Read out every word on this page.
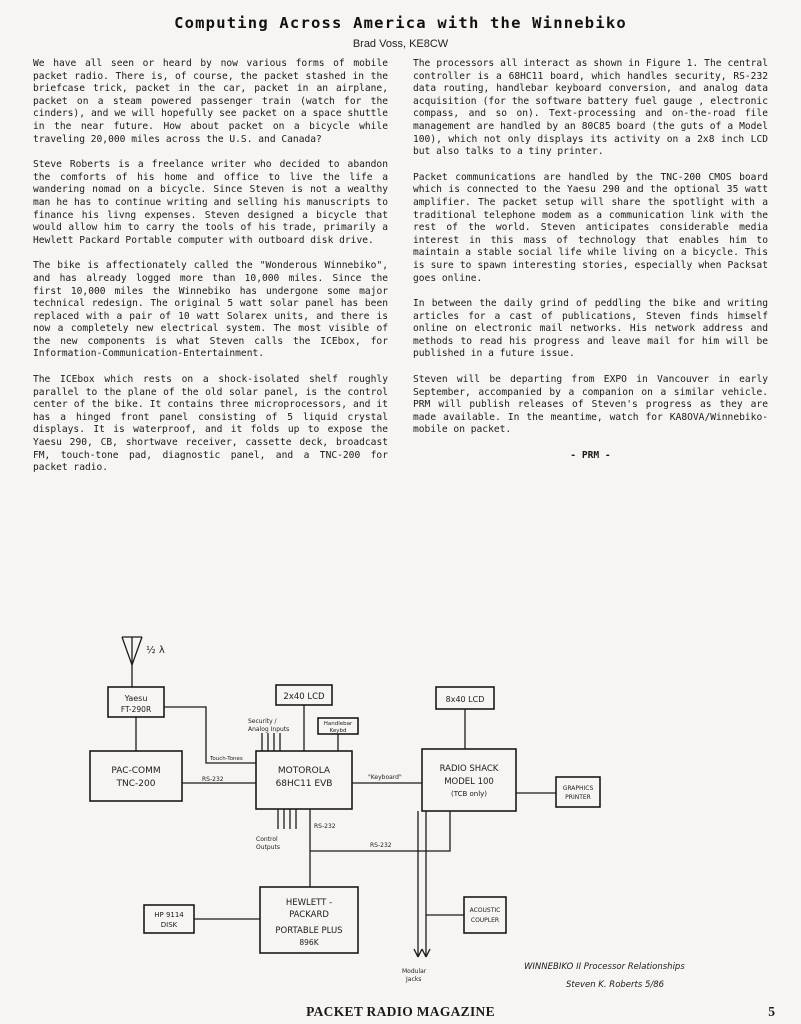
Computing Across America with the Winnebiko
Brad Voss, KE8CW

We have all seen or heard by now various forms of mobile packet radio. There is, of course, the packet stashed in the briefcase trick, packet in the car, packet in an airplane, packet on a steam powered passenger train (watch for the cinders), and we will hopefully see packet on a space shuttle in the near future. How about packet on a bicycle while traveling 20,000 miles across the U.S. and Canada?

Steve Roberts is a freelance writer who decided to abandon the comforts of his home and office to live the life a wandering nomad on a bicycle. Since Steven is not a wealthy man he has to continue writing and selling his manuscripts to finance his livng expenses. Steven designed a bicycle that would allow him to carry the tools of his trade, primarily a Hewlett Packard Portable computer with outboard disk drive.

The bike is affectionately called the "Wonderous Winnebiko", and has already logged more than 10,000 miles. Since the first 10,000 miles the Winnebiko has undergone some major technical redesign. The original 5 watt solar panel has been replaced with a pair of 10 watt Solarex units, and there is now a completely new electrical system. The most visible of the new components is what Steven calls the ICEbox, for Information-Communication-Entertainment.

The ICEbox which rests on a shock-isolated shelf roughly parallel to the plane of the old solar panel, is the control center of the bike. It contains three microprocessors, and it has a hinged front panel consisting of 5 liquid crystal displays. It is waterproof, and it folds up to expose the Yaesu 290, CB, shortwave receiver, cassette deck, broadcast FM, touch-tone pad, diagnostic panel, and a TNC-200 for packet radio.

The processors all interact as shown in Figure 1. The central controller is a 68HC11 board, which handles security, RS-232 data routing, handlebar keyboard conversion, and analog data acquisition (for the software battery fuel gauge , electronic compass, and so on). Text-processing and on-the-road file management are handled by an 80C85 board (the guts of a Model 100), which not only displays its activity on a 2x8 inch LCD but also talks to a tiny printer.

Packet communications are handled by the TNC-200 CMOS board which is connected to the Yaesu 290 and the optional 35 watt amplifier. The packet setup will share the spotlight with a traditional telephone modem as a communication link with the rest of the world. Steven anticipates considerable media interest in this mass of technology that enables him to maintain a stable social life while living on a bicycle. This is sure to spawn interesting stories, especially when Packsat goes online.

In between the daily grind of peddling the bike and writing articles for a cast of publications, Steven finds himself online on electronic mail networks. His network address and methods to read his progress and leave mail for him will be published in a future issue.

Steven will be departing from EXPO in Vancouver in early September, accompanied by a companion on a similar vehicle. PRM will publish releases of Steven's progress as they are made available. In the meantime, watch for KA8OVA/Winnebiko-mobile on packet.

- PRM -
½ λ
Yaesu
FT-290R
PAC-COMM
TNC-200
2x40 LCD
MOTOROLA
68HC11 EVB
Handlebar
Keybd
Security /
Analog Inputs
8x40 LCD
RADIO SHACK
MODEL 100
(TCB only)
GRAPHICS
PRINTER
HEWLETT -
PACKARD
PORTABLE PLUS
896K
HP 9114
DISK
ACOUSTIC
COUPLER
Touch-Tones
RS-232	"Keyboard"
Control
Outputs
RS-232
RS-232
Modular
Jacks
WINNEBIKO II Processor Relationships
Steven K. Roberts 5/86
PACKET RADIO MAGAZINE	5
